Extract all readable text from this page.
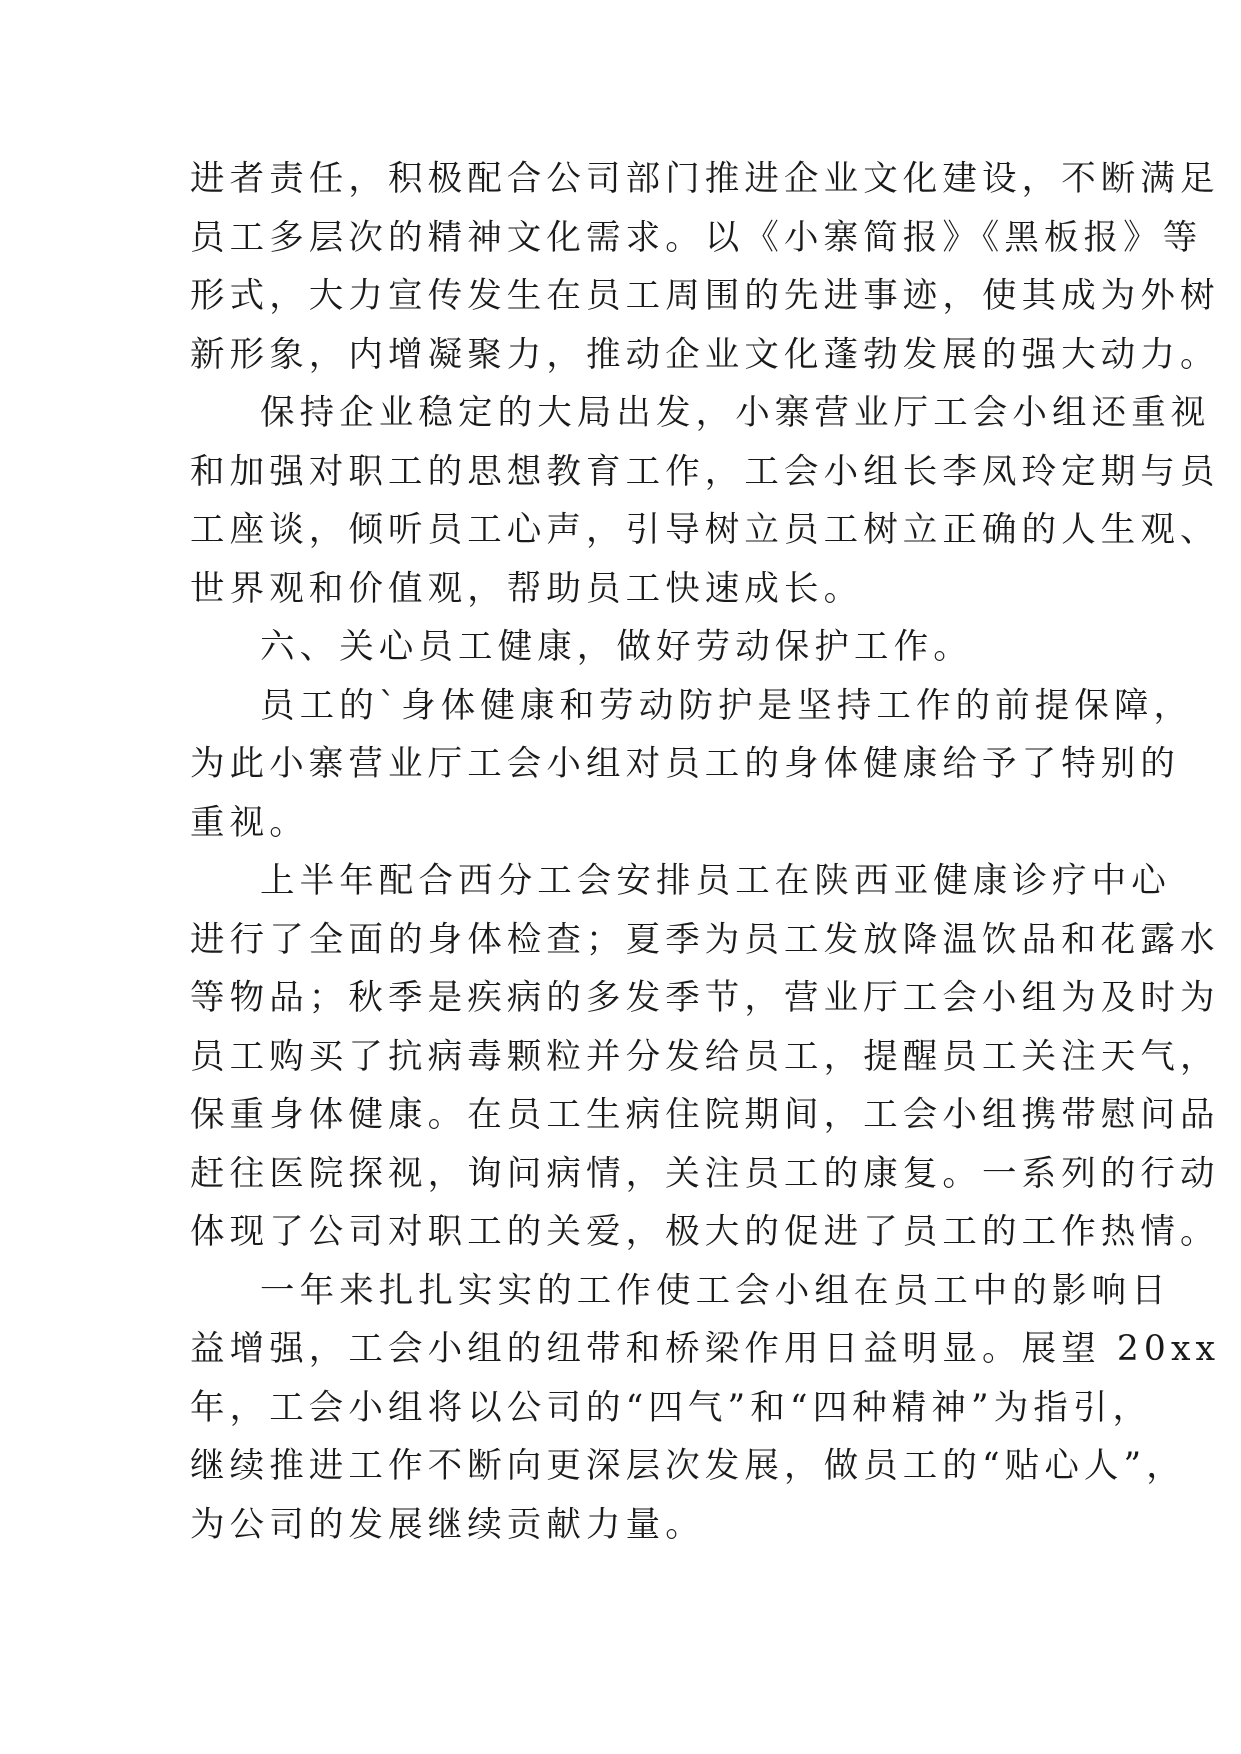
进者责任，积极配合公司部门推进企业文化建设，不断满足
员工多层次的精神文化需求。以《小寨简报》《黑板报》等
形式，大力宣传发生在员工周围的先进事迹，使其成为外树
新形象，内增凝聚力，推动企业文化蓬勃发展的强大动力。
保持企业稳定的大局出发，小寨营业厅工会小组还重视
和加强对职工的思想教育工作，工会小组长李凤玲定期与员
工座谈，倾听员工心声，引导树立员工树立正确的人生观、
世界观和价值观，帮助员工快速成长。
六、关心员工健康，做好劳动保护工作。
员工的`身体健康和劳动防护是坚持工作的前提保障，
为此小寨营业厅工会小组对员工的身体健康给予了特别的
重视。
上半年配合西分工会安排员工在陕西亚健康诊疗中心
进行了全面的身体检查；夏季为员工发放降温饮品和花露水
等物品；秋季是疾病的多发季节，营业厅工会小组为及时为
员工购买了抗病毒颗粒并分发给员工，提醒员工关注天气，
保重身体健康。在员工生病住院期间，工会小组携带慰问品
赶往医院探视，询问病情，关注员工的康复。一系列的行动
体现了公司对职工的关爱，极大的促进了员工的工作热情。
一年来扎扎实实的工作使工会小组在员工中的影响日
益增强，工会小组的纽带和桥梁作用日益明显。展望 20xx
年，工会小组将以公司的“四气”和“四种精神”为指引，
继续推进工作不断向更深层次发展，做员工的“贴心人”，
为公司的发展继续贡献力量。
